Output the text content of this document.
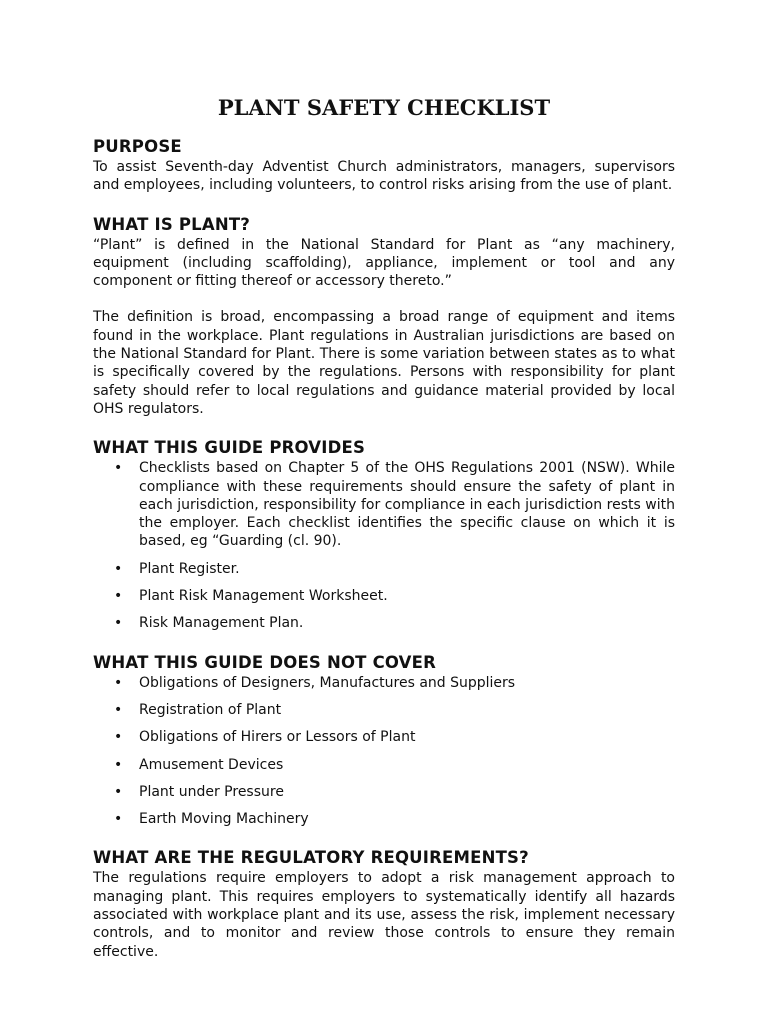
PLANT SAFETY CHECKLIST
PURPOSE

To assist Seventh-day Adventist Church administrators, managers, supervisors and employees, including volunteers, to control risks arising from the use of plant.

WHAT IS PLANT?

“Plant” is defined in the National Standard for Plant as “any machinery, equipment (including scaffolding), appliance, implement or tool and any component or fitting thereof or accessory thereto.”

The definition is broad, encompassing a broad range of equipment and items found in the workplace. Plant regulations in Australian jurisdictions are based on the National Standard for Plant. There is some variation between states as to what is specifically covered by the regulations. Persons with responsibility for plant safety should refer to local regulations and guidance material provided by local OHS regulators.

WHAT THIS GUIDE PROVIDES
• Checklists based on Chapter 5 of the OHS Regulations 2001 (NSW). While compliance with these requirements should ensure the safety of plant in each jurisdiction, responsibility for compliance in each jurisdiction rests with the employer. Each checklist identifies the specific clause on which it is based, eg “Guarding (cl. 90).
• Plant Register.
• Plant Risk Management Worksheet.
• Risk Management Plan.
WHAT THIS GUIDE DOES NOT COVER
• Obligations of Designers, Manufactures and Suppliers
• Registration of Plant
• Obligations of Hirers or Lessors of Plant
• Amusement Devices
• Plant under Pressure
• Earth Moving Machinery
WHAT ARE THE REGULATORY REQUIREMENTS?

The regulations require employers to adopt a risk management approach to managing plant. This requires employers to systematically identify all hazards associated with workplace plant and its use, assess the risk, implement necessary controls, and to monitor and review those controls to ensure they remain effective.
